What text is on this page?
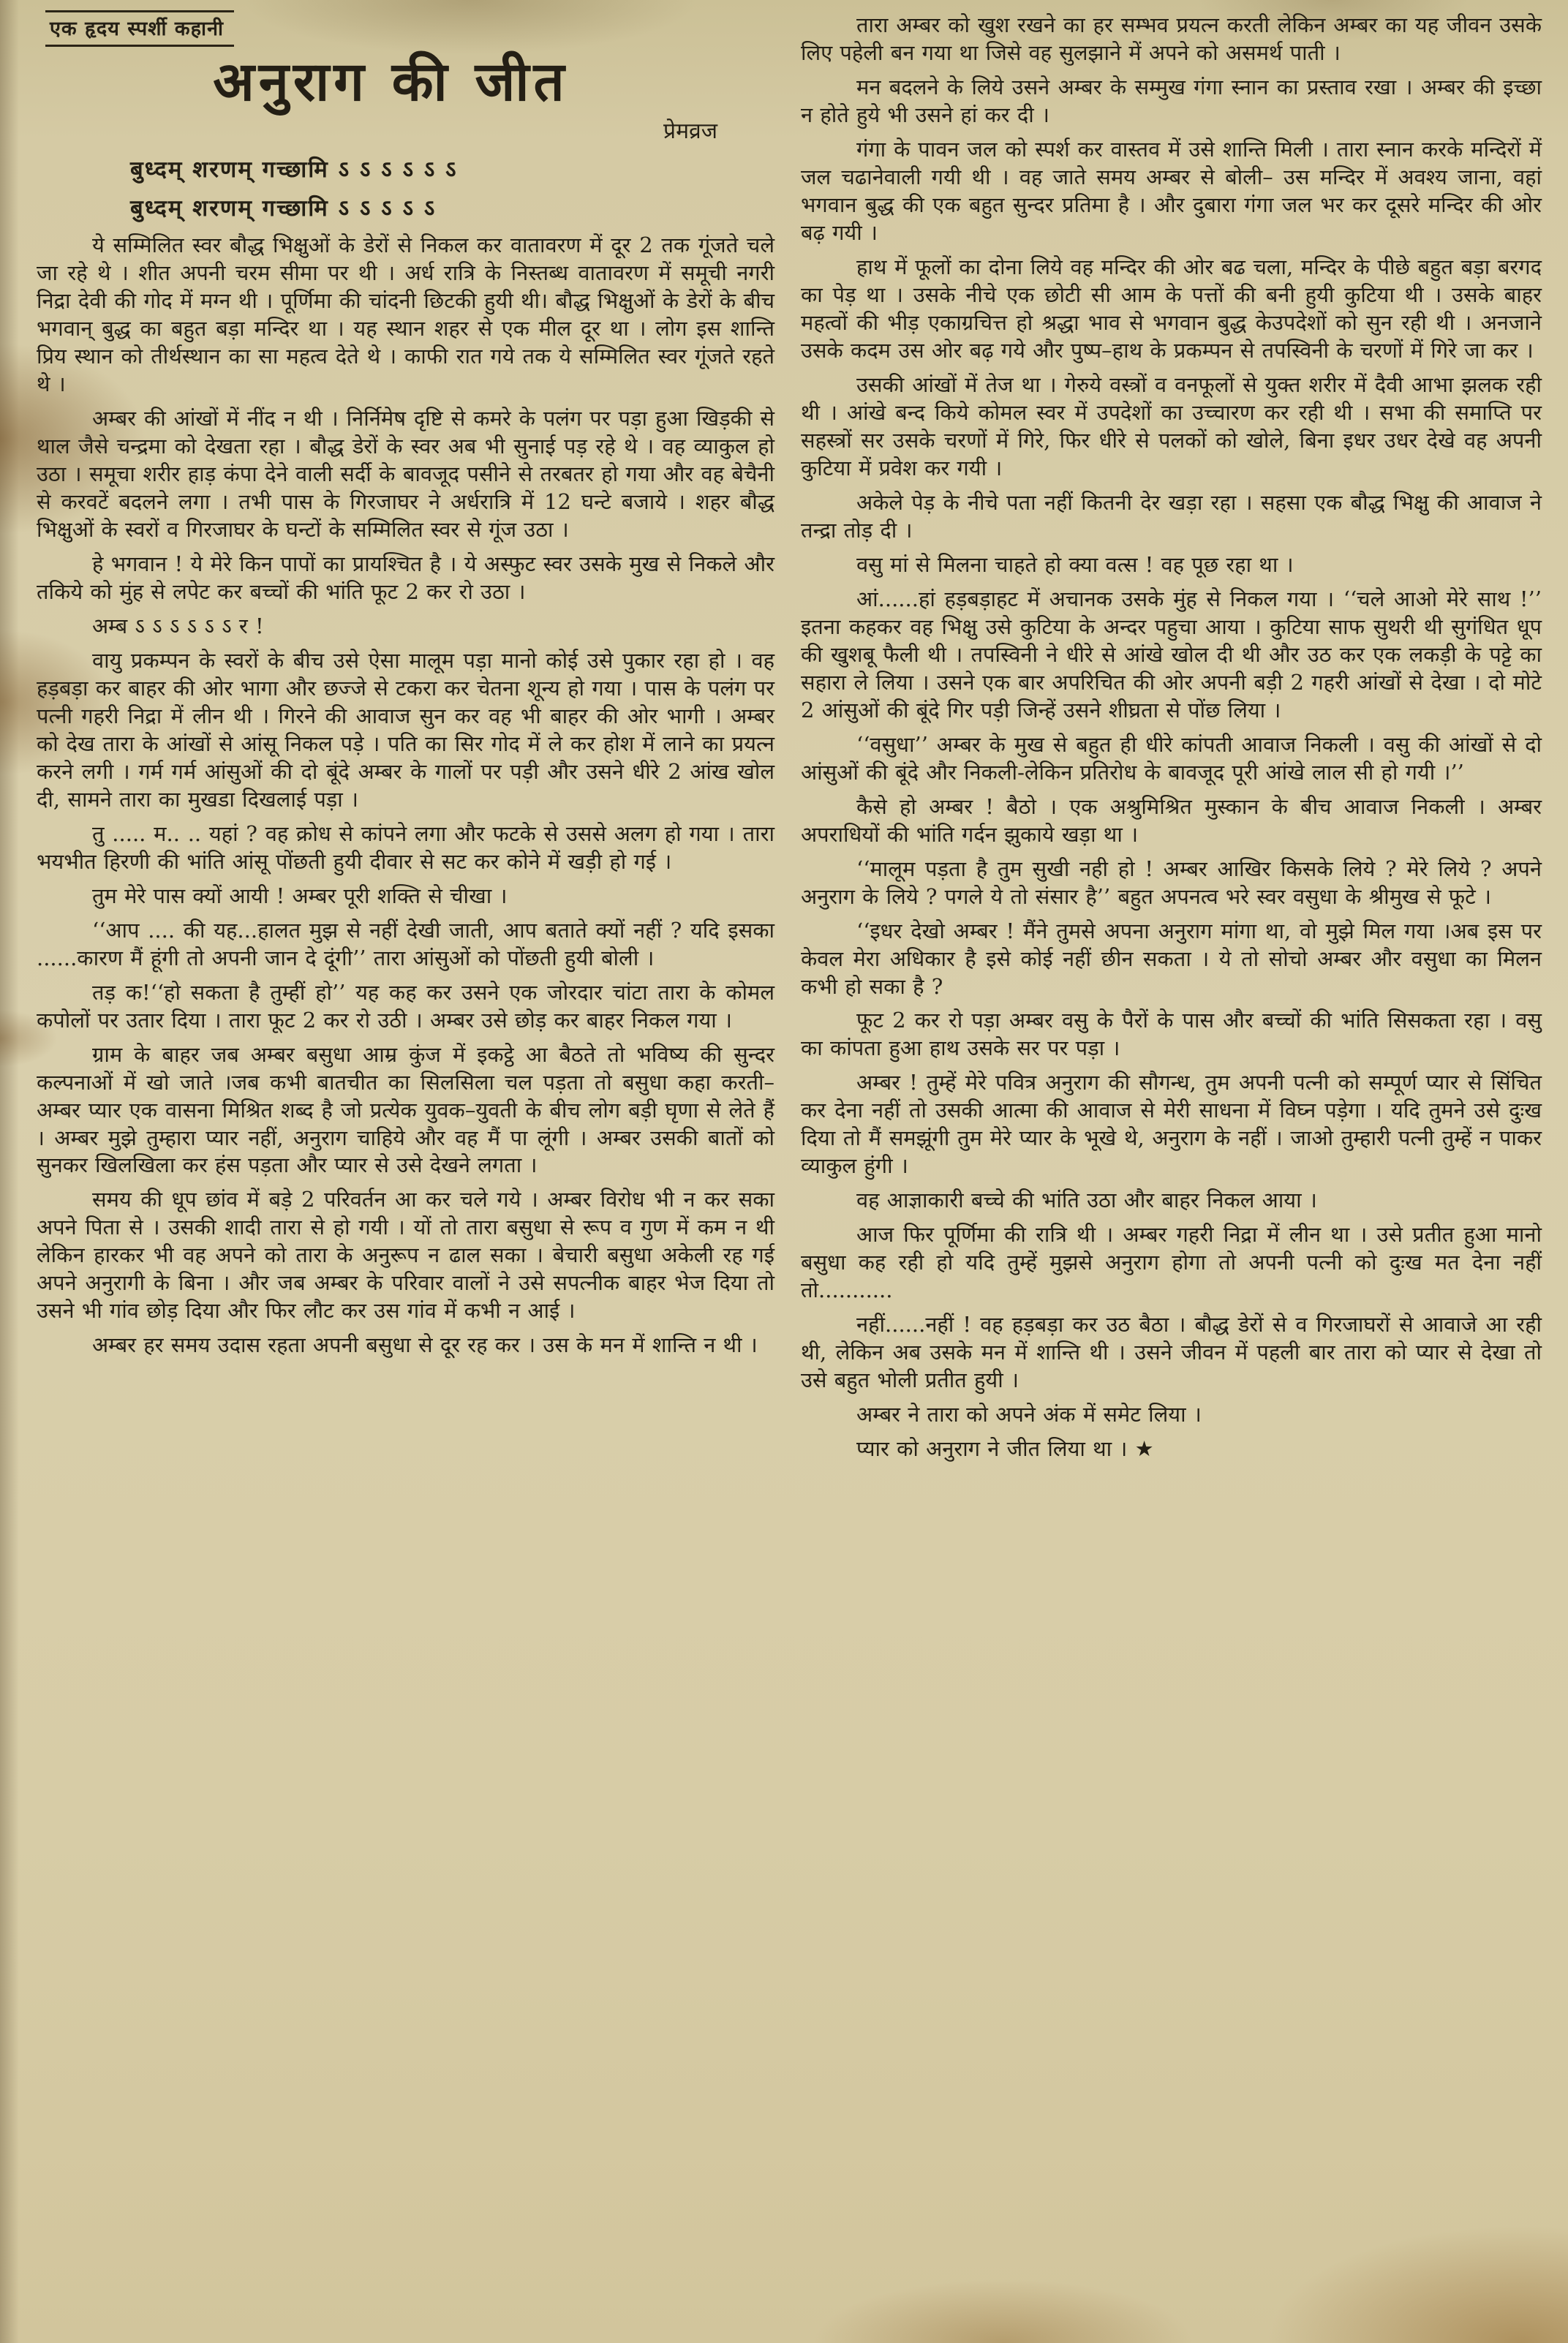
एक हृदय स्पर्शी कहानी
अनुराग की जीत
प्रेमव्रज

बुध्दम् शरणम् गच्छामि ऽ ऽ ऽ ऽ ऽ ऽ

बुध्दम् शरणम् गच्छामि ऽ ऽ ऽ ऽ ऽ

ये सम्मिलित स्वर बौद्ध भिक्षुओं के डेरों से निकल कर वातावरण में दूर 2 तक गूंजते चले जा रहे थे । शीत अपनी चरम सीमा पर थी । अर्ध रात्रि के निस्तब्ध वातावरण में समूची नगरी निद्रा देवी की गोद में मग्न थी । पूर्णिमा की चांदनी छिटकी हुयी थी। बौद्ध भिक्षुओं के डेरों के बीच भगवान् बुद्ध का बहुत बड़ा मन्दिर था । यह स्थान शहर से एक मील दूर था । लोग इस शान्ति प्रिय स्थान को तीर्थस्थान का सा महत्व देते थे । काफी रात गये तक ये सम्मिलित स्वर गूंजते रहते थे ।

अम्बर की आंखों में नींद न थी । निर्निमेष दृष्टि से कमरे के पलंग पर पड़ा हुआ खिड़की से थाल जैसे चन्द्रमा को देखता रहा । बौद्ध डेरों के स्वर अब भी सुनाई पड़ रहे थे । वह व्याकुल हो उठा । समूचा शरीर हाड़ कंपा देने वाली सर्दी के बावजूद पसीने से तरबतर हो गया और वह बेचैनी से करवटें बदलने लगा । तभी पास के गिरजाघर ने अर्धरात्रि में 12 घन्टे बजाये । शहर बौद्ध भिक्षुओं के स्वरों व गिरजाघर के घन्टों के सम्मिलित स्वर से गूंज उठा ।

हे भगवान ! ये मेरे किन पापों का प्रायश्चित है । ये अस्फुट स्वर उसके मुख से निकले और तकिये को मुंह से लपेट कर बच्चों की भांति फूट 2 कर रो उठा ।

अम्ब ऽ ऽ ऽ ऽ ऽ ऽ र !

वायु प्रकम्पन के स्वरों के बीच उसे ऐसा मालूम पड़ा मानो कोई उसे पुकार रहा हो । वह हड़बड़ा कर बाहर की ओर भागा और छज्जे से टकरा कर चेतना शून्य हो गया । पास के पलंग पर पत्नी गहरी निद्रा में लीन थी । गिरने की आवाज सुन कर वह भी बाहर की ओर भागी । अम्बर को देख तारा के आंखों से आंसू निकल पड़े । पति का सिर गोद में ले कर होश में लाने का प्रयत्न करने लगी । गर्म गर्म आंसुओं की दो बूंदे अम्बर के गालों पर पड़ी और उसने धीरे 2 आंख खोल दी, सामने तारा का मुखडा दिखलाई पड़ा ।

तु ..... म.. .. यहां ? वह क्रोध से कांपने लगा और फटके से उससे अलग हो गया । तारा भयभीत हिरणी की भांति आंसू पोंछती हुयी दीवार से सट कर कोने में खड़ी हो गई ।

तुम मेरे पास क्यों आयी ! अम्बर पूरी शक्ति से चीखा ।

‘‘आप .... की यह...हालत मुझ से नहीं देखी जाती, आप बताते क्यों नहीं ? यदि इसका ......कारण मैं हूंगी तो अपनी जान दे दूंगी’’ तारा आंसुओं को पोंछती हुयी बोली ।

तड़ क!‘‘हो सकता है तुम्हीं हो’’ यह कह कर उसने एक जोरदार चांटा तारा के कोमल कपोलों पर उतार दिया । तारा फूट 2 कर रो उठी । अम्बर उसे छोड़ कर बाहर निकल गया ।

ग्राम के बाहर जब अम्बर बसुधा आम्र कुंज में इकट्ठे आ बैठते तो भविष्य की सुन्दर कल्पनाओं में खो जाते ।जब कभी बातचीत का सिलसिला चल पड़ता तो बसुधा कहा करती–अम्बर प्यार एक वासना मिश्रित शब्द है जो प्रत्येक युवक–युवती के बीच लोग बड़ी घृणा से लेते हैं । अम्बर मुझे तुम्हारा प्यार नहीं, अनुराग चाहिये और वह मैं पा लूंगी । अम्बर उसकी बातों को सुनकर खिलखिला कर हंस पड़ता और प्यार से उसे देखने लगता ।

समय की धूप छांव में बड़े 2 परिवर्तन आ कर चले गये । अम्बर विरोध भी न कर सका अपने पिता से । उसकी शादी तारा से हो गयी । यों तो तारा बसुधा से रूप व गुण में कम न थी लेकिन हारकर भी वह अपने को तारा के अनुरूप न ढाल सका । बेचारी बसुधा अकेली रह गई अपने अनुरागी के बिना । और जब अम्बर के परिवार वालों ने उसे सपत्नीक बाहर भेज दिया तो उसने भी गांव छोड़ दिया और फिर लौट कर उस गांव में कभी न आई ।

अम्बर हर समय उदास रहता अपनी बसुधा से दूर रह कर । उस के मन में शान्ति न थी ।

तारा अम्बर को खुश रखने का हर सम्भव प्रयत्न करती लेकिन अम्बर का यह जीवन उसके लिए पहेली बन गया था जिसे वह सुलझाने में अपने को असमर्थ पाती ।

मन बदलने के लिये उसने अम्बर के सम्मुख गंगा स्नान का प्रस्ताव रखा । अम्बर की इच्छा न होते हुये भी उसने हां कर दी ।

गंगा के पावन जल को स्पर्श कर वास्तव में उसे शान्ति मिली । तारा स्नान करके मन्दिरों में जल चढानेवाली गयी थी । वह जाते समय अम्बर से बोली– उस मन्दिर में अवश्य जाना, वहां भगवान बुद्ध की एक बहुत सुन्दर प्रतिमा है । और दुबारा गंगा जल भर कर दूसरे मन्दिर की ओर बढ़ गयी ।

हाथ में फूलों का दोना लिये वह मन्दिर की ओर बढ चला, मन्दिर के पीछे बहुत बड़ा बरगद का पेड़ था । उसके नीचे एक छोटी सी आम के पत्तों की बनी हुयी कुटिया थी । उसके बाहर महत्वों की भीड़ एकाग्रचित्त हो श्रद्धा भाव से भगवान बुद्ध केउपदेशों को सुन रही थी । अनजाने उसके कदम उस ओर बढ़ गये और पुष्प–हाथ के प्रकम्पन से तपस्विनी के चरणों में गिरे जा कर ।

उसकी आंखों में तेज था । गेरुये वस्त्रों व वनफूलों से युक्त शरीर में दैवी आभा झलक रही थी । आंखे बन्द किये कोमल स्वर में उपदेशों का उच्चारण कर रही थी । सभा की समाप्ति पर सहस्त्रों सर उसके चरणों में गिरे, फिर धीरे से पलकों को खोले, बिना इधर उधर देखे वह अपनी कुटिया में प्रवेश कर गयी ।

अकेले पेड़ के नीचे पता नहीं कितनी देर खड़ा रहा । सहसा एक बौद्ध भिक्षु की आवाज ने तन्द्रा तोड़ दी ।

वसु मां से मिलना चाहते हो क्या वत्स ! वह पूछ रहा था ।

आं......हां हड़बड़ाहट में अचानक उसके मुंह से निकल गया । ‘‘चले आओ मेरे साथ !’’ इतना कहकर वह भिक्षु उसे कुटिया के अन्दर पहुचा आया । कुटिया साफ सुथरी थी सुगंधित धूप की खुशबू फैली थी । तपस्विनी ने धीरे से आंखे खोल दी थी और उठ कर एक लकड़ी के पट्टे का सहारा ले लिया । उसने एक बार अपरिचित की ओर अपनी बड़ी 2 गहरी आंखों से देखा । दो मोटे 2 आंसुओं की बूंदे गिर पड़ी जिन्हें उसने शीघ्रता से पोंछ लिया ।

‘‘वसुधा’’ अम्बर के मुख से बहुत ही धीरे कांपती आवाज निकली । वसु की आंखों से दो आंसुओं की बूंदे और निकली-लेकिन प्रतिरोध के बावजूद पूरी आंखे लाल सी हो गयी ।’’

कैसे हो अम्बर ! बैठो । एक अश्रुमिश्रित मुस्कान के बीच आवाज निकली । अम्बर अपराधियों की भांति गर्दन झुकाये खड़ा था ।

‘‘मालूम पड़ता है तुम सुखी नही हो ! अम्बर आखिर किसके लिये ? मेरे लिये ? अपने अनुराग के लिये ? पगले ये तो संसार है’’ बहुत अपनत्व भरे स्वर वसुधा के श्रीमुख से फूटे ।

‘‘इधर देखो अम्बर ! मैंने तुमसे अपना अनुराग मांगा था, वो मुझे मिल गया ।अब इस पर केवल मेरा अधिकार है इसे कोई नहीं छीन सकता । ये तो सोचो अम्बर और वसुधा का मिलन कभी हो सका है ?

फूट 2 कर रो पड़ा अम्बर वसु के पैरों के पास और बच्चों की भांति सिसकता रहा । वसु का कांपता हुआ हाथ उसके सर पर पड़ा ।

अम्बर ! तुम्हें मेरे पवित्र अनुराग की सौगन्ध, तुम अपनी पत्नी को सम्पूर्ण प्यार से सिंचित कर देना नहीं तो उसकी आत्मा की आवाज से मेरी साधना में विघ्न पड़ेगा । यदि तुमने उसे दुःख दिया तो मैं समझूंगी तुम मेरे प्यार के भूखे थे, अनुराग के नहीं । जाओ तुम्हारी पत्नी तुम्हें न पाकर व्याकुल हुंगी ।

वह आज्ञाकारी बच्चे की भांति उठा और बाहर निकल आया ।

आज फिर पूर्णिमा की रात्रि थी । अम्बर गहरी निद्रा में लीन था । उसे प्रतीत हुआ मानो बसुधा कह रही हो यदि तुम्हें मुझसे अनुराग होगा तो अपनी पत्नी को दुःख मत देना नहीं तो...........

नहीं......नहीं ! वह हड़बड़ा कर उठ बैठा । बौद्ध डेरों से व गिरजाघरों से आवाजे आ रही थी, लेकिन अब उसके मन में शान्ति थी । उसने जीवन में पहली बार तारा को प्यार से देखा तो उसे बहुत भोली प्रतीत हुयी ।

अम्बर ने तारा को अपने अंक में समेट लिया ।

प्यार को अनुराग ने जीत लिया था । ★
